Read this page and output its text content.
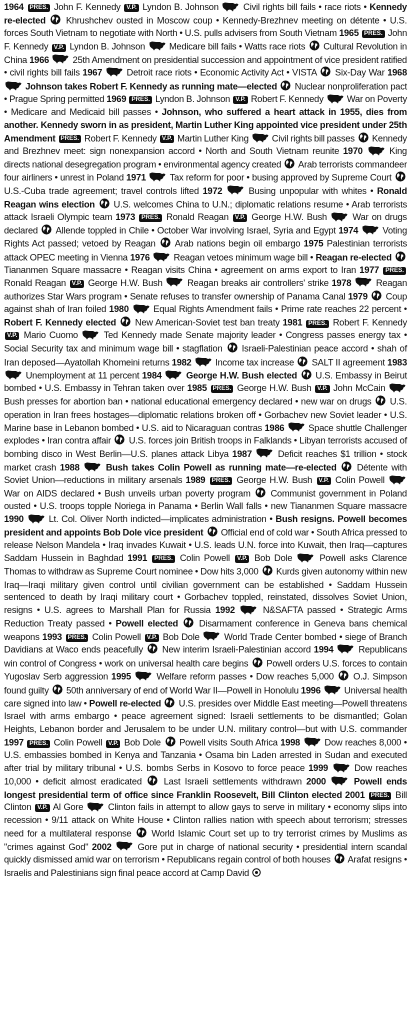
1964 PRES. John F. Kennedy V.P. Lyndon B. Johnson	Civil rights bill fails • race riots • Kennedy re-elected Khrushchev ousted in Moscow coup • Kennedy-Brezhnev meeting on détente • U.S. forces South Vietnam to negotiate with North • U.S. pulls advisers from South Vietnam 1965 PRES. John F. Kennedy V.P. Lyndon B. Johnson	Medicare bill fails • Watts race riots Cultural Revolution in China 1966	25th Amendment on presidential succession and appointment of vice president ratified • civil rights bill fails 1967	Detroit race riots • Economic Activity Act • VISTA Six-Day War 1968
Johnson takes Robert F. Kennedy as running mate—elected Nuclear nonproliferation pact • Prague Spring permitted 1969 PRES. Lyndon B. Johnson V.P. Robert F. Kennedy	War on Poverty • Medicare and Medicaid bill passes • Johnson, who suffered a heart attack in 1955, dies from another. Kennedy sworn in as president, Martin Luther King appointed vice president under 25th Amendment PRES. Robert F. Kennedy V.P. Martin Luther King	Civil rights bill passes Kennedy and Brezhnev meet: sign nonexpansion accord • North and South Vietnam reunite 1970	King directs national desegregation program • environmental agency created Arab terrorists commandeer four airliners • unrest in Poland 1971	Tax reform for poor • busing approved by Supreme Court
U.S.-Cuba trade agreement; travel controls lifted 1972	Busing unpopular with whites • Ronald Reagan wins election U.S. welcomes China to U.N.; diplomatic relations resume • Arab terrorists attack Israeli Olympic team 1973 PRES. Ronald Reagan V.P. George H.W. Bush	War on drugs declared Allende toppled in Chile • October War involving Israel, Syria and Egypt 1974	Voting Rights Act passed; vetoed by Reagan Arab nations begin oil embargo 1975 Palestinian terrorists attack OPEC meeting in Vienna 1976	Reagan vetoes minimum wage bill • Reagan re-elected
Tiananmen Square massacre • Reagan visits China • agreement on arms export to Iran 1977 PRES. Ronald Reagan V.P. George H.W. Bush	Reagan breaks air controllers' strike 1978	Reagan authorizes Star Wars program • Senate refuses to transfer ownership of Panama Canal 1979 Coup against shah of Iran foiled 1980	Equal Rights Amendment fails • Prime rate reaches 22 percent • Robert F. Kennedy elected New American-Soviet test ban treaty 1981 PRES. Robert F. Kennedy V.P. Mario Cuomo	Ted Kennedy made Senate majority leader • Congress passes energy tax • Social Security tax and minimum wage bill • stagflation Israeli-Palestinian peace accord • shah of Iran deposed—Ayatollah Khomeini returns 1982	Income tax increase SALT II agreement 1983
Unemployment at 11 percent 1984	George H.W. Bush elected U.S. Embassy in Beirut bombed • U.S. Embassy in Tehran taken over 1985 PRES. George H.W. Bush V.P. John McCain
Bush presses for abortion ban • national educational emergency declared • new war on drugs U.S. operation in Iran frees hostages—diplomatic relations broken off • Gorbachev new Soviet leader • U.S. Marine base in Lebanon bombed • U.S. aid to Nicaraguan contras 1986	Space shuttle Challenger explodes • Iran contra affair U.S. forces join British troops in Falklands • Libyan terrorists accused of bombing disco in West Berlin—U.S. planes attack Libya 1987	Deficit reaches $1 trillion • stock market crash 1988	Bush takes Colin Powell as running mate—re-elected Détente with Soviet Union—reductions in military arsenals 1989 PRES. George H.W. Bush V.P. Colin Powell
War on AIDS declared • Bush unveils urban poverty program Communist government in Poland ousted • U.S. troops topple Noriega in Panama • Berlin Wall falls • new Tiananmen Square massacre 1990	Lt. Col. Oliver North indicted—implicates administration • Bush resigns. Powell becomes president and appoints Bob Dole vice president Official end of cold war • South Africa pressed to release Nelson Mandela • Iraq invades Kuwait • U.S. leads U.N. force into Kuwait, then Iraq—captures Saddam Hussein in Baghdad 1991 PRES. Colin Powell V.P. Bob Dole	Powell asks Clarence Thomas to withdraw as Supreme Court nominee • Dow hits 3,000 Kurds given autonomy within new Iraq—Iraqi military given control until civilian government can be established • Saddam Hussein sentenced to death by Iraqi military court • Gorbachev toppled, reinstated, dissolves Soviet Union, resigns • U.S. agrees to Marshall Plan for Russia 1992	N&SAFTA passed • Strategic Arms Reduction Treaty passed • Powell elected Disarmament conference in Geneva bans chemical weapons 1993 PRES. Colin Powell V.P. Bob Dole	World Trade Center bombed • siege of Branch Davidians at Waco ends peacefully New interim Israeli-Palestinian accord 1994	Republicans win control of Congress • work on universal health care begins Powell orders U.S. forces to contain Yugoslav Serb aggression 1995	Welfare reform passes • Dow reaches 5,000 O.J. Simpson found guilty 50th anniversary of end of World War II—Powell in Honolulu 1996	Universal health care signed into law • Powell re-elected U.S. presides over Middle East meeting—Powell threatens Israel with arms embargo • peace agreement signed: Israeli settlements to be dismantled; Golan Heights, Lebanon border and Jerusalem to be under U.N. military control—but with U.S. commander 1997 PRES. Colin Powell V.P. Bob Dole Powell visits South Africa 1998	Dow reaches 8,000 • U.S. embassies bombed in Kenya and Tanzania • Osama bin Laden arrested in Sudan and executed after trial by military tribunal • U.S. bombs Serbs in Kosovo to force peace 1999	Dow reaches 10,000 • deficit almost eradicated Last Israeli settlements withdrawn 2000	Powell ends longest presidential term of office since Franklin Roosevelt, Bill Clinton elected 2001 PRES. Bill Clinton V.P. Al Gore	Clinton fails in attempt to allow gays to serve in military • economy slips into recession • 9/11 attack on White House • Clinton rallies nation with speech about terrorism; stresses need for a multilateral response World Islamic Court set up to try terrorist crimes by Muslims as "crimes against God" 2002	Gore put in charge of national security • presidential intern scandal quickly dismissed amid war on terrorism • Republicans regain control of both houses Arafat resigns • Israelis and Palestinians sign final peace accord at Camp David
